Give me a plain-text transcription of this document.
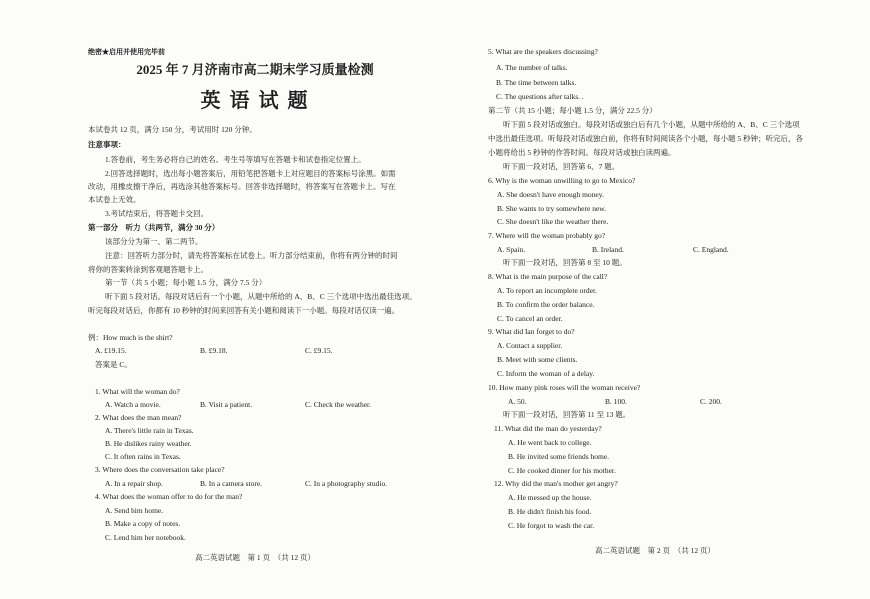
绝密★启用并使用完毕前
2025 年 7 月济南市高二期末学习质量检测
英 语 试 题
本试卷共 12 页，满分 150 分，考试用时 120 分钟。
注意事项：
1.答卷前，考生务必将自己的姓名、考生号等填写在答题卡和试卷指定位置上。
2.回答选择题时，选出每小题答案后，用铅笔把答题卡上对应题目的答案标号涂黑。如需
改动，用橡皮擦干净后，再选涂其他答案标号。回答非选择题时，将答案写在答题卡上。写在
本试卷上无效。
3.考试结束后，将答题卡交回。
第一部分　听力（共两节，满分 30 分）
该部分分为第一、第二两节。
注意：回答听力部分时，请先将答案标在试卷上。听力部分结束前，你将有两分钟的时间
将你的答案转涂到客观题答题卡上。
第一节（共 5 小题；每小题 1.5 分，满分 7.5 分）
听下面 5 段对话。每段对话后有一个小题，从题中所给的 A、B、C 三个选项中选出最佳选项。
听完每段对话后，你都有 10 秒钟的时间来回答有关小题和阅读下一小题。每段对话仅读一遍。
例：How much is the shirt?
A. £19.15.	B. £9.18.	C. £9.15.
答案是 C。
1. What will the woman do?
A. Watch a movie.	B. Visit a patient.	C. Check the weather.
2. What does the man mean?
A. There's little rain in Texas.
B. He dislikes rainy weather.
C. It often rains in Texas.
3. Where does the conversation take place?
A. In a repair shop.	B. In a camera store.	C. In a photography studio.
4. What does the woman offer to do for the man?
A. Send him home.
B. Make a copy of notes.
C. Lend him her notebook.
高二英语试题　第 1 页　（共 12 页）
5. What are the speakers discussing?
A. The number of talks.
B. The time between talks.
C. The questions after talks. .
第二节（共 15 小题；每小题 1.5 分，满分 22.5 分）
听下面 5 段对话或独白。每段对话或独白后有几个小题，从题中所给的 A、B、C 三个选项
中选出最佳选项。听每段对话或独白前，你将有时间阅读各个小题，每小题 5 秒钟；听完后，各
小题将给出 5 秒钟的作答时间。每段对话或独白读两遍。
听下面一段对话，回答第 6、7 题。
6. Why is the woman unwilling to go to Mexico?
A. She doesn't have enough money.
B. She wants to try somewhere new.
C. She doesn't like the weather there.
7. Where will the woman probably go?
A. Spain.	B. Ireland.	C. England.
听下面一段对话，回答第 8 至 10 题。
8. What is the main purpose of the call?
A. To report an incomplete order.
B. To confirm the order balance.
C. To cancel an order.
9. What did Ian forget to do?
A. Contact a supplier.
B. Meet with some clients.
C. Inform the woman of a delay.
10. How many pink roses will the woman receive?
A. 50.	B. 100.	C. 200.
听下面一段对话，回答第 11 至 13 题。
11. What did the man do yesterday?
A. He went back to college.
B. He invited some friends home.
C. He cooked dinner for his mother.
12. Why did the man's mother get angry?
A. He messed up the house.
B. He didn't finish his food.
C. He forgot to wash the car.
高二英语试题　第 2 页　（共 12 页）
